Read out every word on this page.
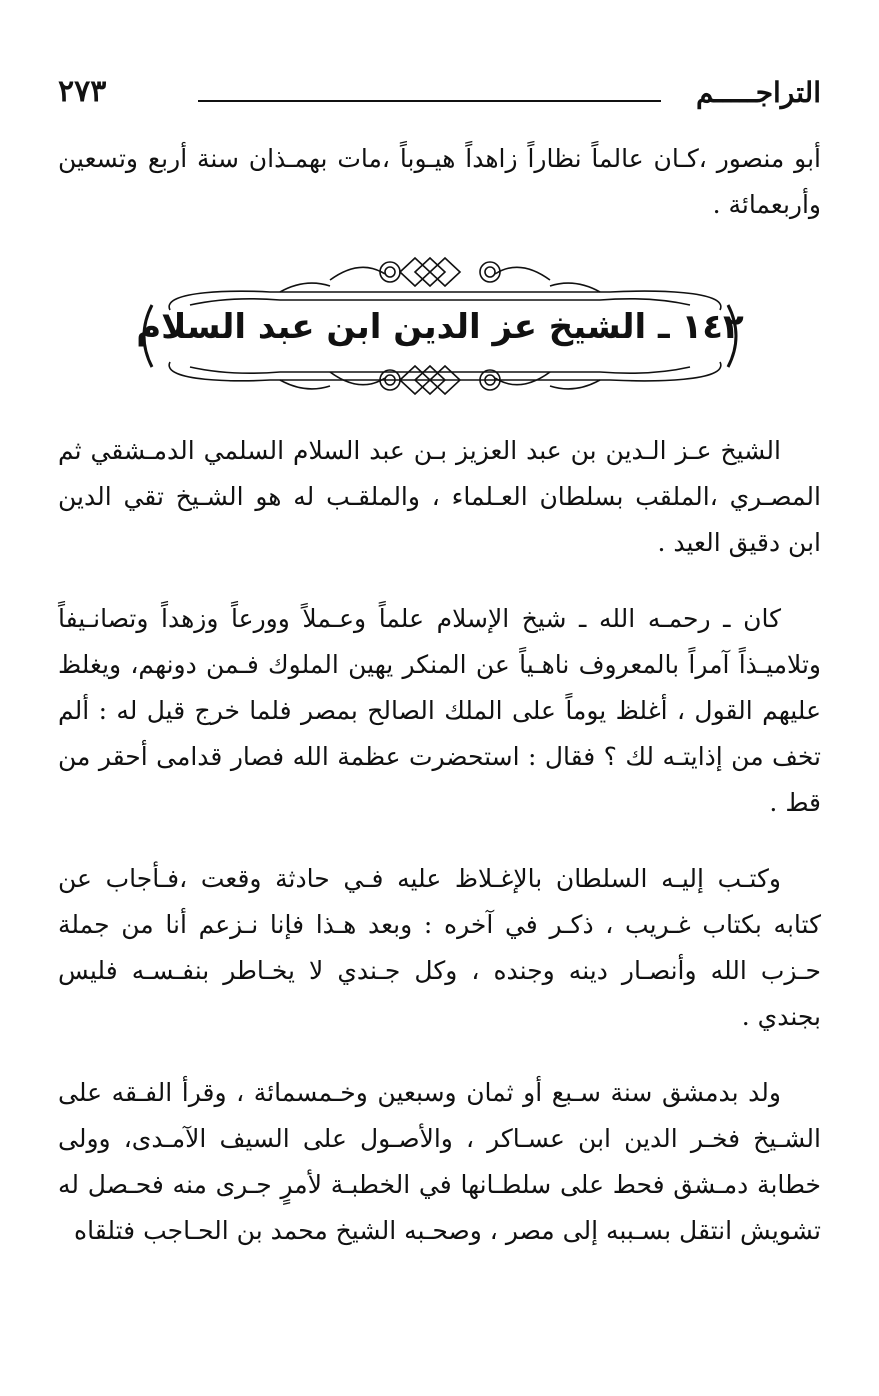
التراجـــــم
٢٧٣

أبو منصور ،كـان عالماً نظاراً زاهداً هيـوباً ،مات بهمـذان سنة أربع وتسعين وأربعمائة .

١٤٢ ـ الشيخ عز الدين ابن عبد السلام

الشيخ عـز الـدين بن عبد العزيز بـن عبد السلام السلمي الدمـشقي ثم المصـري ،الملقب بسلطان العـلماء ، والملقـب له هو الشـيخ تقي الدين ابن دقيق العيد .

كان ـ رحمـه الله ـ شيخ الإسلام علماً وعـملاً وورعاً وزهداً وتصانـيفاً وتلاميـذاً آمراً بالمعروف ناهـياً عن المنكر يهين الملوك فـمن دونهم، ويغلظ عليهم القول ، أغلظ يوماً على الملك الصالح بمصر فلما خرج قيل له : ألم تخف من إذايتـه لك ؟ فقال : استحضرت عظمة الله فصار قدامى أحقر من قط .

وكتـب إليـه السلطان بالإغـلاظ عليه فـي حادثة وقعت ،فـأجاب عن كتابه بكتاب غـريب ، ذكـر في آخره : وبعد هـذا فإنا نـزعم أنا من جملة حـزب الله وأنصـار دينه وجنده ، وكل جـندي لا يخـاطر بنفـسـه فليس بجندي .

ولد بدمشق سنة سـبع أو ثمان وسبعين وخـمسمائة ، وقرأ الفـقه على الشـيخ فخـر الدين ابن عسـاكر ، والأصـول على السيف الآمـدى، وولى خطابة دمـشق فحط على سلطـانها في الخطبـة لأمرٍ جـرى منه فحـصل له تشويش انتقل بسـببه إلى مصر ، وصحـبه الشيخ محمد بن الحـاجب فتلقاه
